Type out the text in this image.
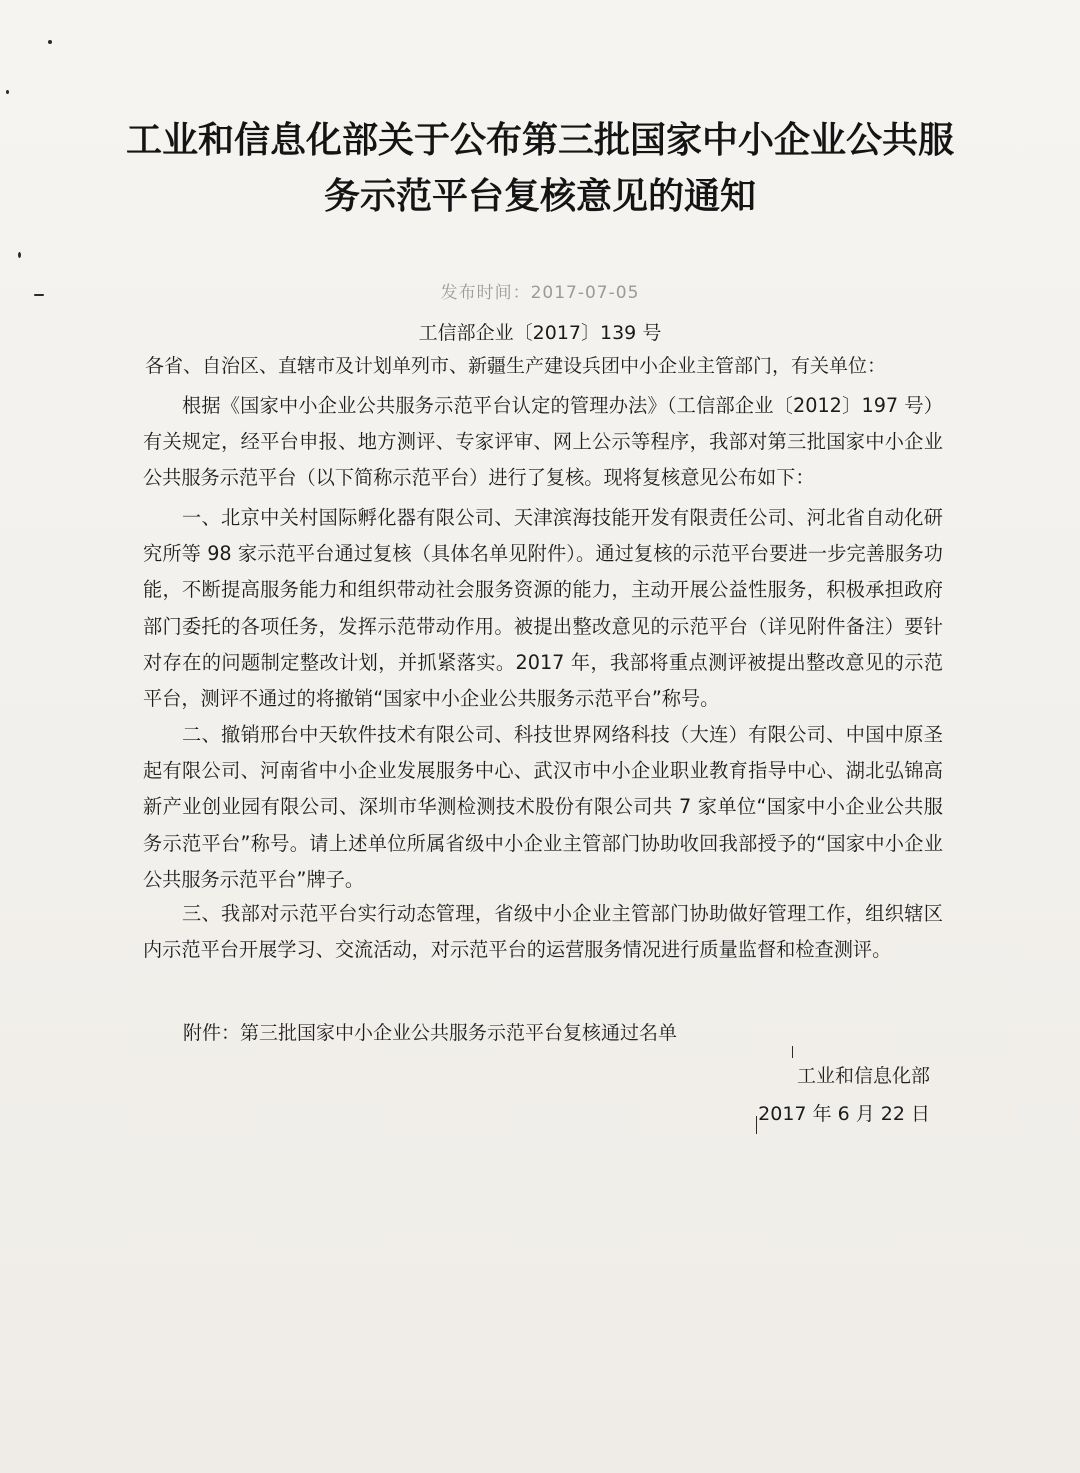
工业和信息化部关于公布第三批国家中小企业公共服
务示范平台复核意见的通知
发布时间：2017-07-05
工信部企业〔2017〕139 号
各省、自治区、直辖市及计划单列市、新疆生产建设兵团中小企业主管部门，有关单位：
根据《国家中小企业公共服务示范平台认定的管理办法》（工信部企业〔2012〕197 号）有关规定，经平台申报、地方测评、专家评审、网上公示等程序，我部对第三批国家中小企业公共服务示范平台（以下简称示范平台）进行了复核。现将复核意见公布如下：
一、北京中关村国际孵化器有限公司、天津滨海技能开发有限责任公司、河北省自动化研究所等 98 家示范平台通过复核（具体名单见附件）。通过复核的示范平台要进一步完善服务功能，不断提高服务能力和组织带动社会服务资源的能力，主动开展公益性服务，积极承担政府部门委托的各项任务，发挥示范带动作用。被提出整改意见的示范平台（详见附件备注）要针对存在的问题制定整改计划，并抓紧落实。2017 年，我部将重点测评被提出整改意见的示范平台，测评不通过的将撤销“国家中小企业公共服务示范平台”称号。
二、撤销邢台中天软件技术有限公司、科技世界网络科技（大连）有限公司、中国中原圣起有限公司、河南省中小企业发展服务中心、武汉市中小企业职业教育指导中心、湖北弘锦高新产业创业园有限公司、深圳市华测检测技术股份有限公司共 7 家单位“国家中小企业公共服务示范平台”称号。请上述单位所属省级中小企业主管部门协助收回我部授予的“国家中小企业公共服务示范平台”牌子。
三、我部对示范平台实行动态管理，省级中小企业主管部门协助做好管理工作，组织辖区内示范平台开展学习、交流活动，对示范平台的运营服务情况进行质量监督和检查测评。
附件：第三批国家中小企业公共服务示范平台复核通过名单
工业和信息化部
2017 年 6 月 22 日
